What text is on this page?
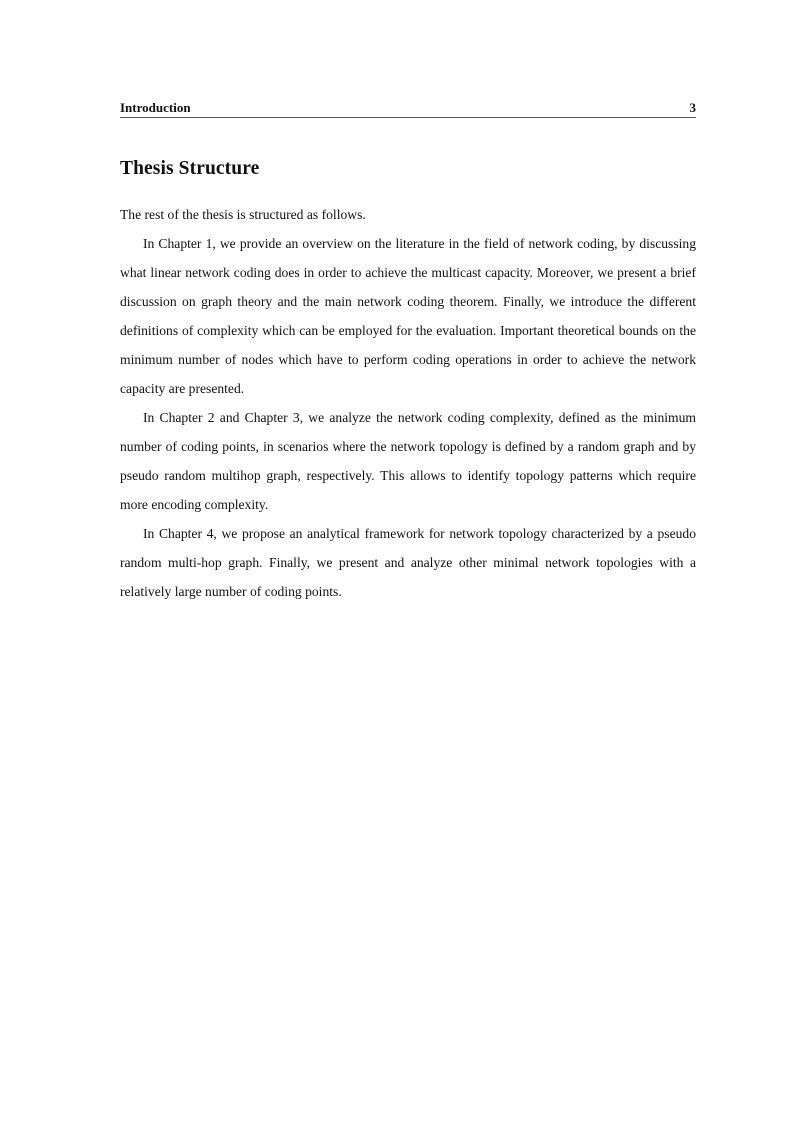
Introduction	3
Thesis Structure

The rest of the thesis is structured as follows.

In Chapter 1, we provide an overview on the literature in the field of network coding, by discussing what linear network coding does in order to achieve the multicast capacity. Moreover, we present a brief discussion on graph theory and the main network coding theorem. Finally, we introduce the different definitions of complexity which can be employed for the evaluation. Important theoretical bounds on the minimum number of nodes which have to perform coding operations in order to achieve the network capacity are presented.

In Chapter 2 and Chapter 3, we analyze the network coding complexity, defined as the minimum number of coding points, in scenarios where the network topology is defined by a random graph and by pseudo random multihop graph, respectively. This allows to identify topology patterns which require more encoding complexity.

In Chapter 4, we propose an analytical framework for network topology characterized by a pseudo random multi-hop graph. Finally, we present and analyze other minimal network topologies with a relatively large number of coding points.
